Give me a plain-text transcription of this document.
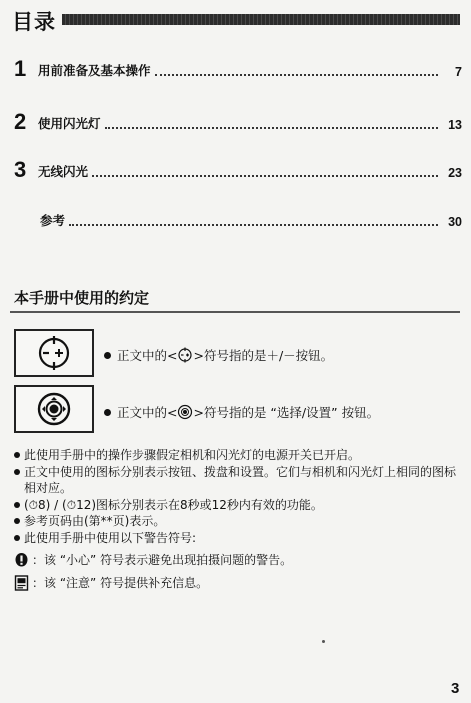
目录
1 用前准备及基本操作	7
2 使用闪光灯	13
3 无线闪光	23
参考	30
本手册中使用的约定
正文中的< >符号指的是＋/－按钮。
正文中的< >符号指的是 “选择/设置” 按钮。
此使用手册中的操作步骤假定相机和闪光灯的电源开关已开启。
正文中使用的图标分别表示按钮、拨盘和设置。它们与相机和闪光灯上相同的图标相对应。
(⏱8) / (⏱12)图标分别表示在8秒或12秒内有效的功能。
参考页码由(第**页)表示。
此使用手册中使用以下警告符号:
：该 “小心” 符号表示避免出现拍摄问题的警告。
：该 “注意” 符号提供补充信息。
3
